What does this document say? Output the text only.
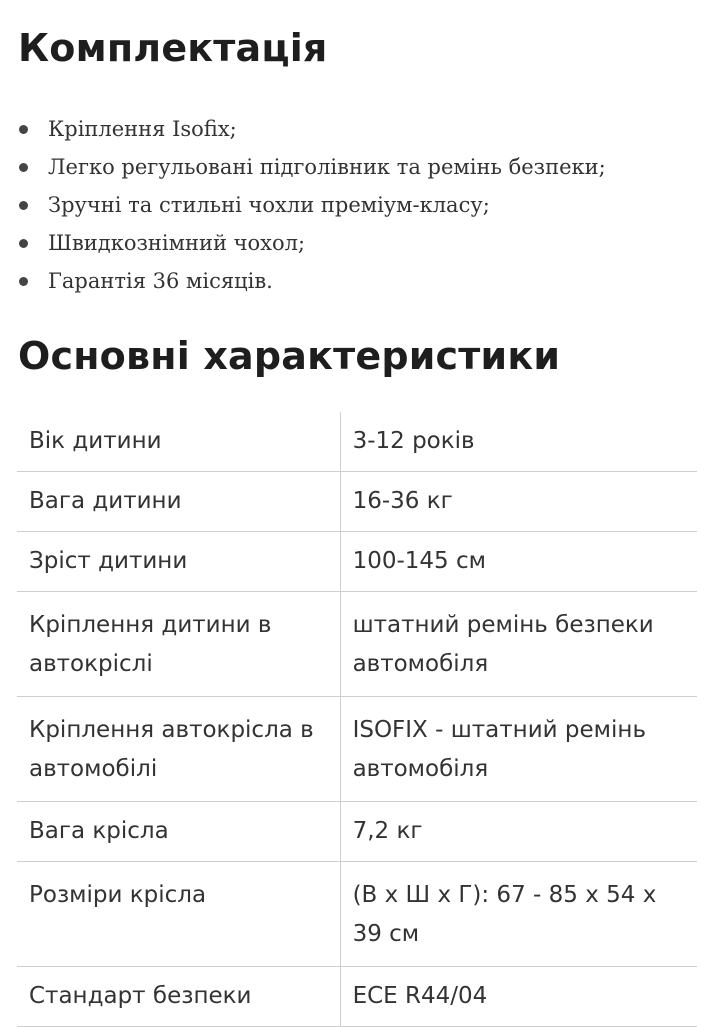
Комплектація
Кріплення Isofix;
Легко регульовані підголівник та ремінь безпеки;
Зручні та стильні чохли преміум-класу;
Швидкознімний чохол;
Гарантія 36 місяців.
Основні характеристики
Вік дитини	3-12 років
Вага дитини	16-36 кг
Зріст дитини	100-145 см
Кріплення дитини в автокріслі	штатний ремінь безпеки автомобіля
Кріплення автокрісла в автомобілі	ISOFIX - штатний ремінь автомобіля
Вага крісла	7,2 кг
Розміри крісла	(В х Ш х Г): 67 - 85 х 54 х 39 см
Стандарт безпеки	ECE R44/04
